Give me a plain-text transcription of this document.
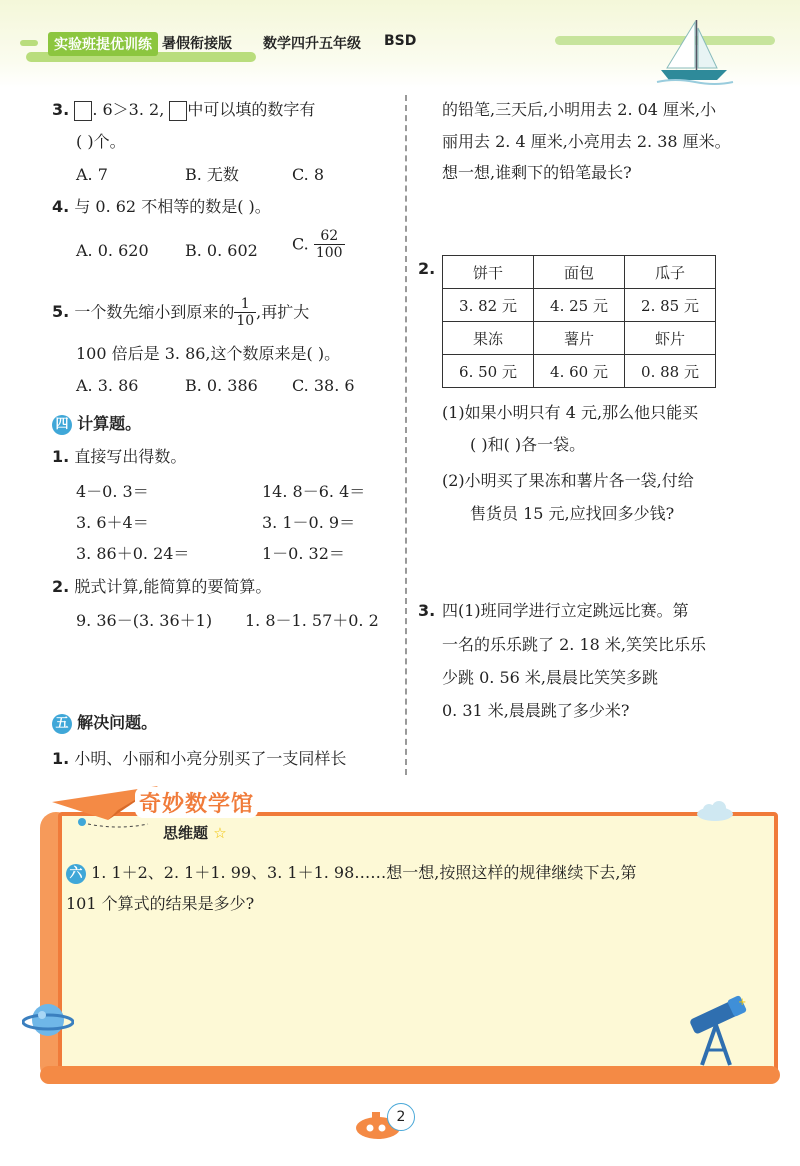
实验班提优训练 暑假衔接版 数学四升五年级 BSD
3. . 6＞3. 2, 中可以填的数字有
( )个。
A. 7	B. 无数	C. 8
4. 与 0. 62 不相等的数是( )。
A. 0. 620 B. 0. 602 C. $\frac{62}{100}$
5. 一个数先缩小到原来的 $\frac{1}{10}$ ,再扩大
100 倍后是 3. 86,这个数原来是( )。
A. 3. 86	B. 0. 386 C. 38. 6
四 计算题。
1. 直接写出得数。
4－0. 3＝	14. 8－6. 4＝
3. 6＋4＝	3. 1－0. 9＝
3. 86＋0. 24＝	1－0. 32＝
2. 脱式计算,能简算的要简算。
9. 36－(3. 36＋1) 1. 8－1. 57＋0. 2
五 解决问题。
1. 小明、小丽和小亮分别买了一支同样长
的铅笔,三天后,小明用去 2. 04 厘米,小
丽用去 2. 4 厘米,小亮用去 2. 38 厘米。
想一想,谁剩下的铅笔最长?
2.	饼干	面包	瓜子
3. 82 元	4. 25 元	2. 85 元
果冻	薯片	虾片
6. 50 元	4. 60 元	0. 88 元
(1)如果小明只有 4 元,那么他只能买
( )和( )各一袋。
(2)小明买了果冻和薯片各一袋,付给
售货员 15 元,应找回多少钱?
3. 四(1)班同学进行立定跳远比赛。第
一名的乐乐跳了 2. 18 米,笑笑比乐乐
少跳 0. 56 米,晨晨比笑笑多跳
0. 31 米,晨晨跳了多少米?
奇妙数学馆
思维题 ☆
六 1. 1＋2、2. 1＋1. 99、3. 1＋1. 98……想一想,按照这样的规律继续下去,第
101 个算式的结果是多少?
+
2
